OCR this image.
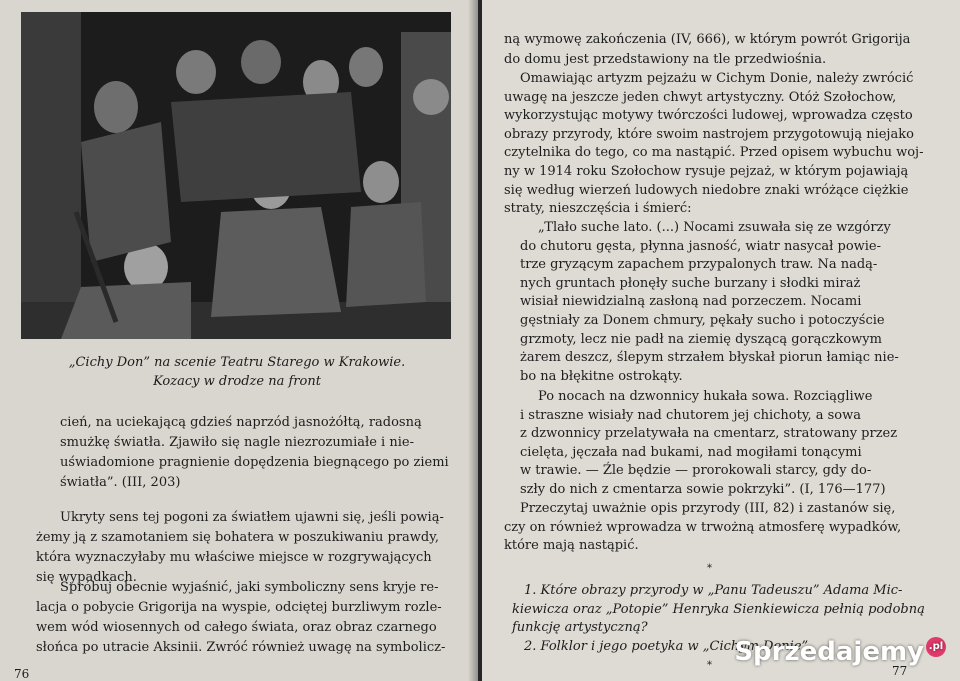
„Cichy Don” na scenie Teatru Starego w Krakowie.
Kozacy w drodze na front
cień, na uciekającą gdzieś naprzód jasnożółtą, radosną
smużkę światła. Zjawiło się nagle niezrozumiałe i nie-
uświadomione pragnienie dopędzenia biegnącego po ziemi
światła”. (III, 203)
Ukryty sens tej pogoni za światłem ujawni się, jeśli powią-
żemy ją z szamotaniem się bohatera w poszukiwaniu prawdy,
która wyznaczyłaby mu właściwe miejsce w rozgrywających
się wypadkach.
Spróbuj obecnie wyjaśnić, jaki symboliczny sens kryje re-
lacja o pobycie Grigorija na wyspie, odciętej burzliwym rozle-
wem wód wiosennych od całego świata, oraz obraz czarnego
słońca po utracie Aksinii. Zwróć również uwagę na symbolicz-
76
ną wymowę zakończenia (IV, 666), w którym powrót Grigorija
do domu jest przedstawiony na tle przedwiośnia.
Omawiając artyzm pejzażu w Cichym Donie, należy zwrócić
uwagę na jeszcze jeden chwyt artystyczny. Otóż Szołochow,
wykorzystując motywy twórczości ludowej, wprowadza często
obrazy przyrody, które swoim nastrojem przygotowują niejako
czytelnika do tego, co ma nastąpić. Przed opisem wybuchu woj-
ny w 1914 roku Szołochow rysuje pejzaż, w którym pojawiają
się według wierzeń ludowych niedobre znaki wróżące ciężkie
straty, nieszczęścia i śmierć:
„Tlało suche lato. (...) Nocami zsuwała się ze wzgórzy
do chutoru gęsta, płynna jasność, wiatr nasycał powie-
trze gryzącym zapachem przypalonych traw. Na nadą-
nych gruntach płonęły suche burzany i słodki miraż
wisiał niewidzialną zasłoną nad porzeczem. Nocami
gęstniały za Donem chmury, pękały sucho i potoczyście
grzmoty, lecz nie padł na ziemię dyszącą gorączkowym
żarem deszcz, ślepym strzałem błyskał piorun łamiąc nie-
bo na błękitne ostrokąty.
Po nocach na dzwonnicy hukała sowa. Rozciągliwe
i straszne wisiały nad chutorem jej chichoty, a sowa
z dzwonnicy przelatywała na cmentarz, stratowany przez
cielęta, jęczała nad bukami, nad mogiłami tonącymi
w trawie. — Źle będzie — prorokowali starcy, gdy do-
szły do nich z cmentarza sowie pokrzyki”. (I, 176—177)
Przeczytaj uważnie opis przyrody (III, 82) i zastanów się,
czy on również wprowadza w trwożną atmosferę wypadków,
które mają nastąpić.
*
1. Które obrazy przyrody w „Panu Tadeuszu” Adama Mic-
kiewicza oraz „Potopie” Henryka Sienkiewicza pełnią podobną
funkcję artystyczną?
2. Folklor i jego poetyka w „Cichym Donie”.
*	77
Sprzedajemy .pl
